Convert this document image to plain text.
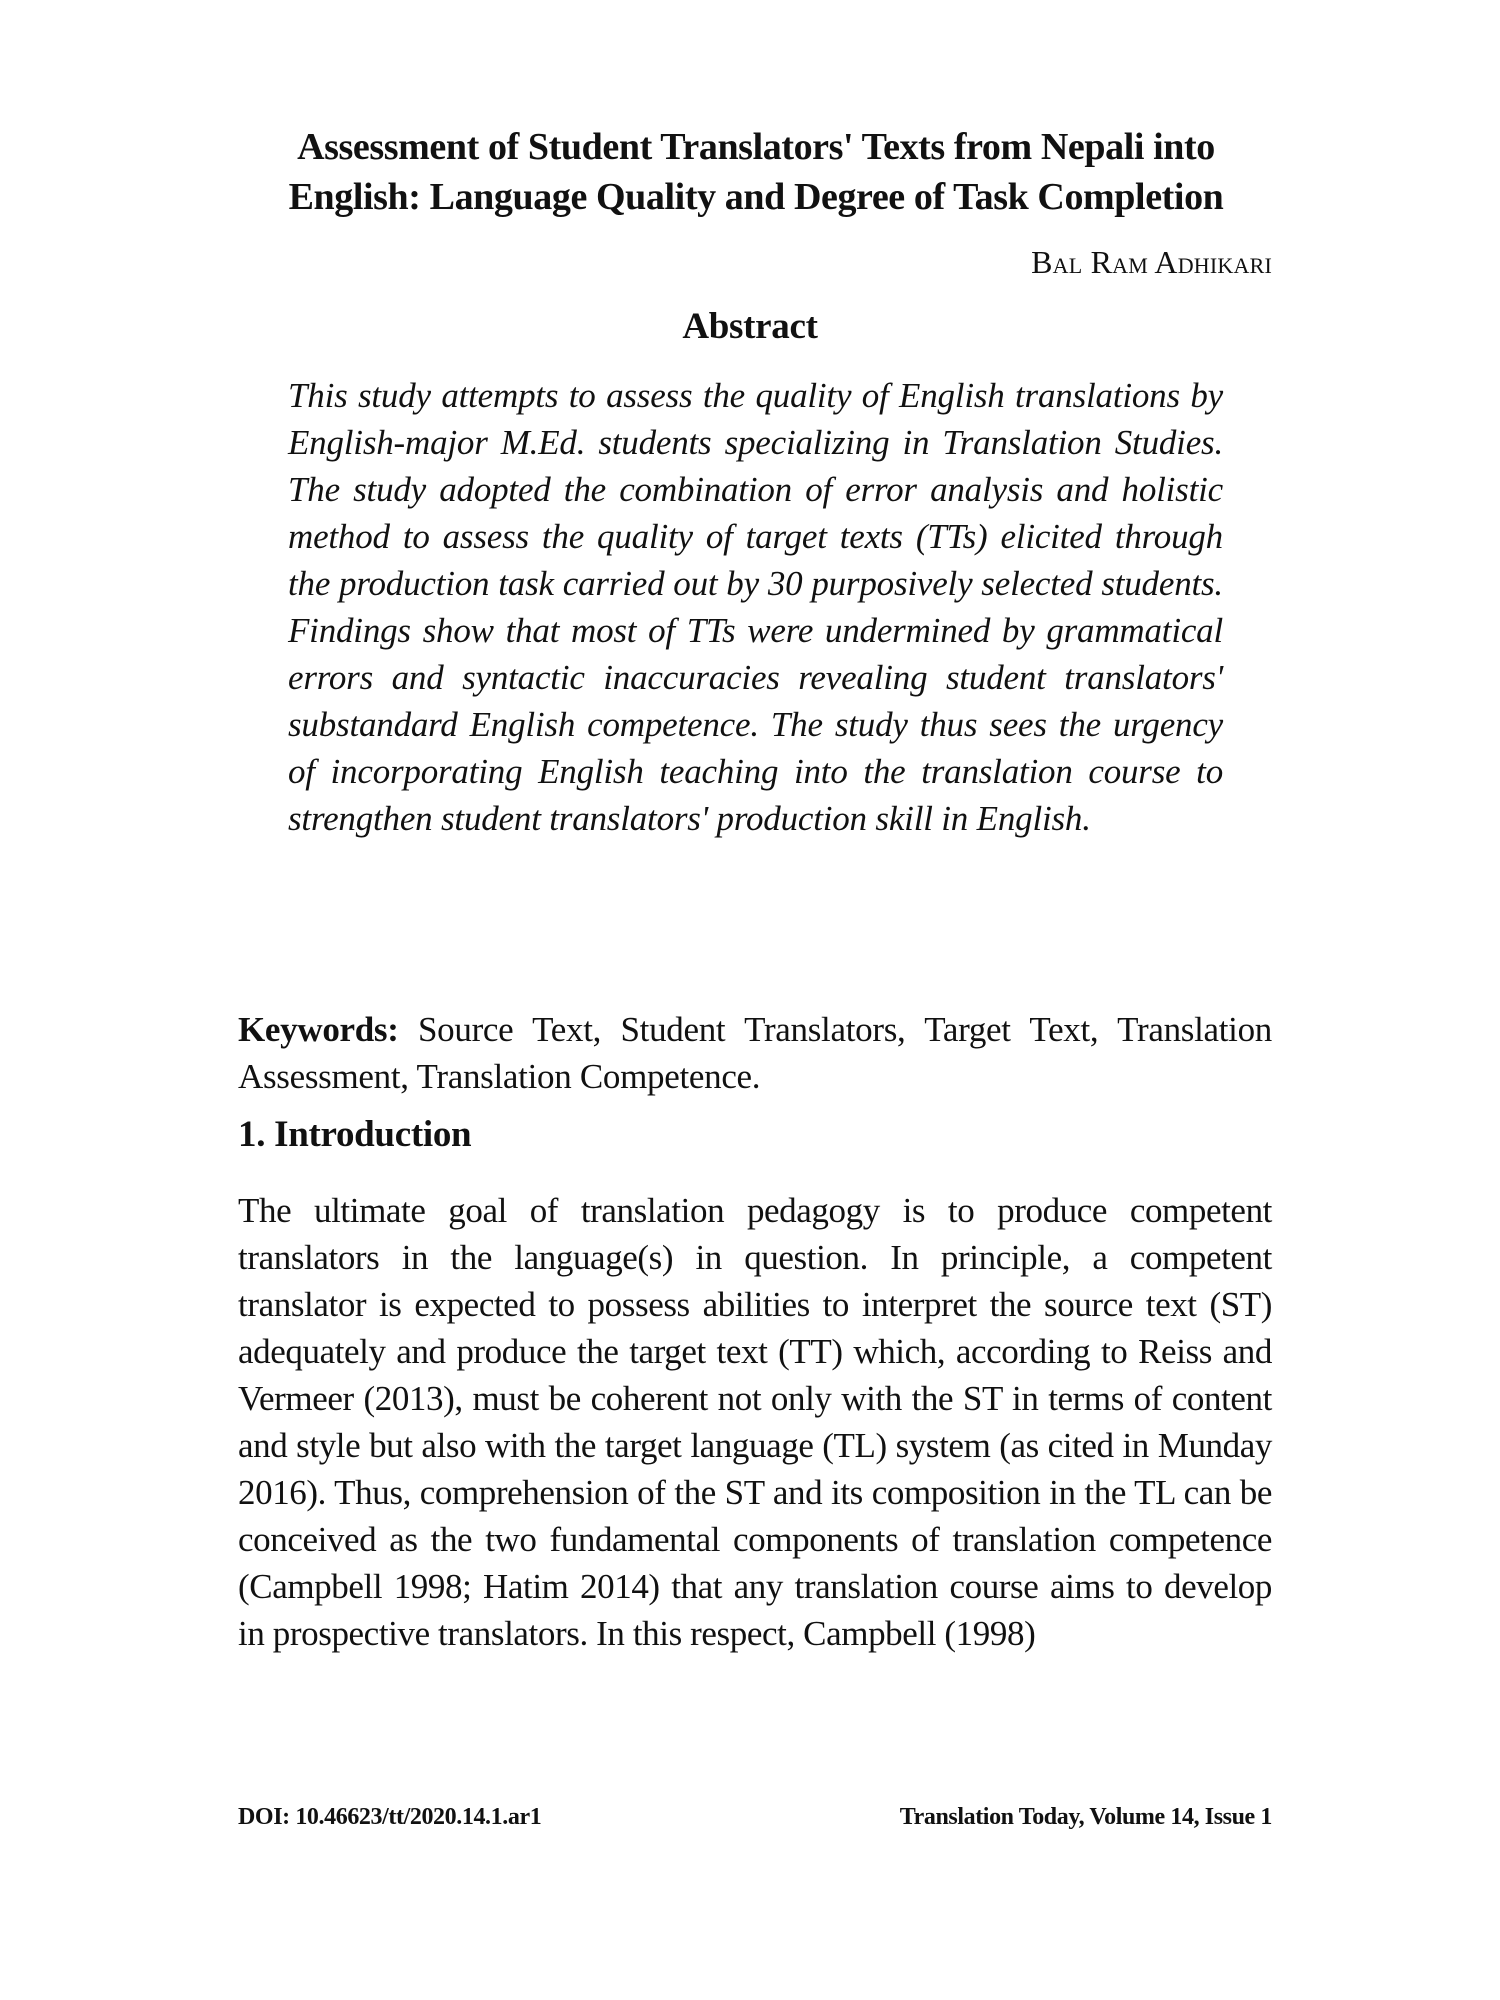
Assessment of Student Translators' Texts from Nepali into
English: Language Quality and Degree of Task Completion

Bal Ram Adhikari

Abstract

This study attempts to assess the quality of English translations by English-major M.Ed. students specializing in Translation Studies. The study adopted the combination of error analysis and holistic method to assess the quality of target texts (TTs) elicited through the production task carried out by 30 purposively selected students. Findings show that most of TTs were undermined by grammatical errors and syntactic inaccuracies revealing student translators' substandard English competence. The study thus sees the urgency of incorporating English teaching into the translation course to strengthen student translators' production skill in English.

Keywords: Source Text, Student Translators, Target Text, Translation Assessment, Translation Competence.

1. Introduction

The ultimate goal of translation pedagogy is to produce competent translators in the language(s) in question. In principle, a competent translator is expected to possess abilities to interpret the source text (ST) adequately and produce the target text (TT) which, according to Reiss and Vermeer (2013), must be coherent not only with the ST in terms of content and style but also with the target language (TL) system (as cited in Munday 2016). Thus, comprehension of the ST and its composition in the TL can be conceived as the two fundamental components of translation competence (Campbell 1998; Hatim 2014) that any translation course aims to develop in prospective translators. In this respect, Campbell (1998)

DOI: 10.46623/tt/2020.14.1.ar1	Translation Today, Volume 14, Issue 1
